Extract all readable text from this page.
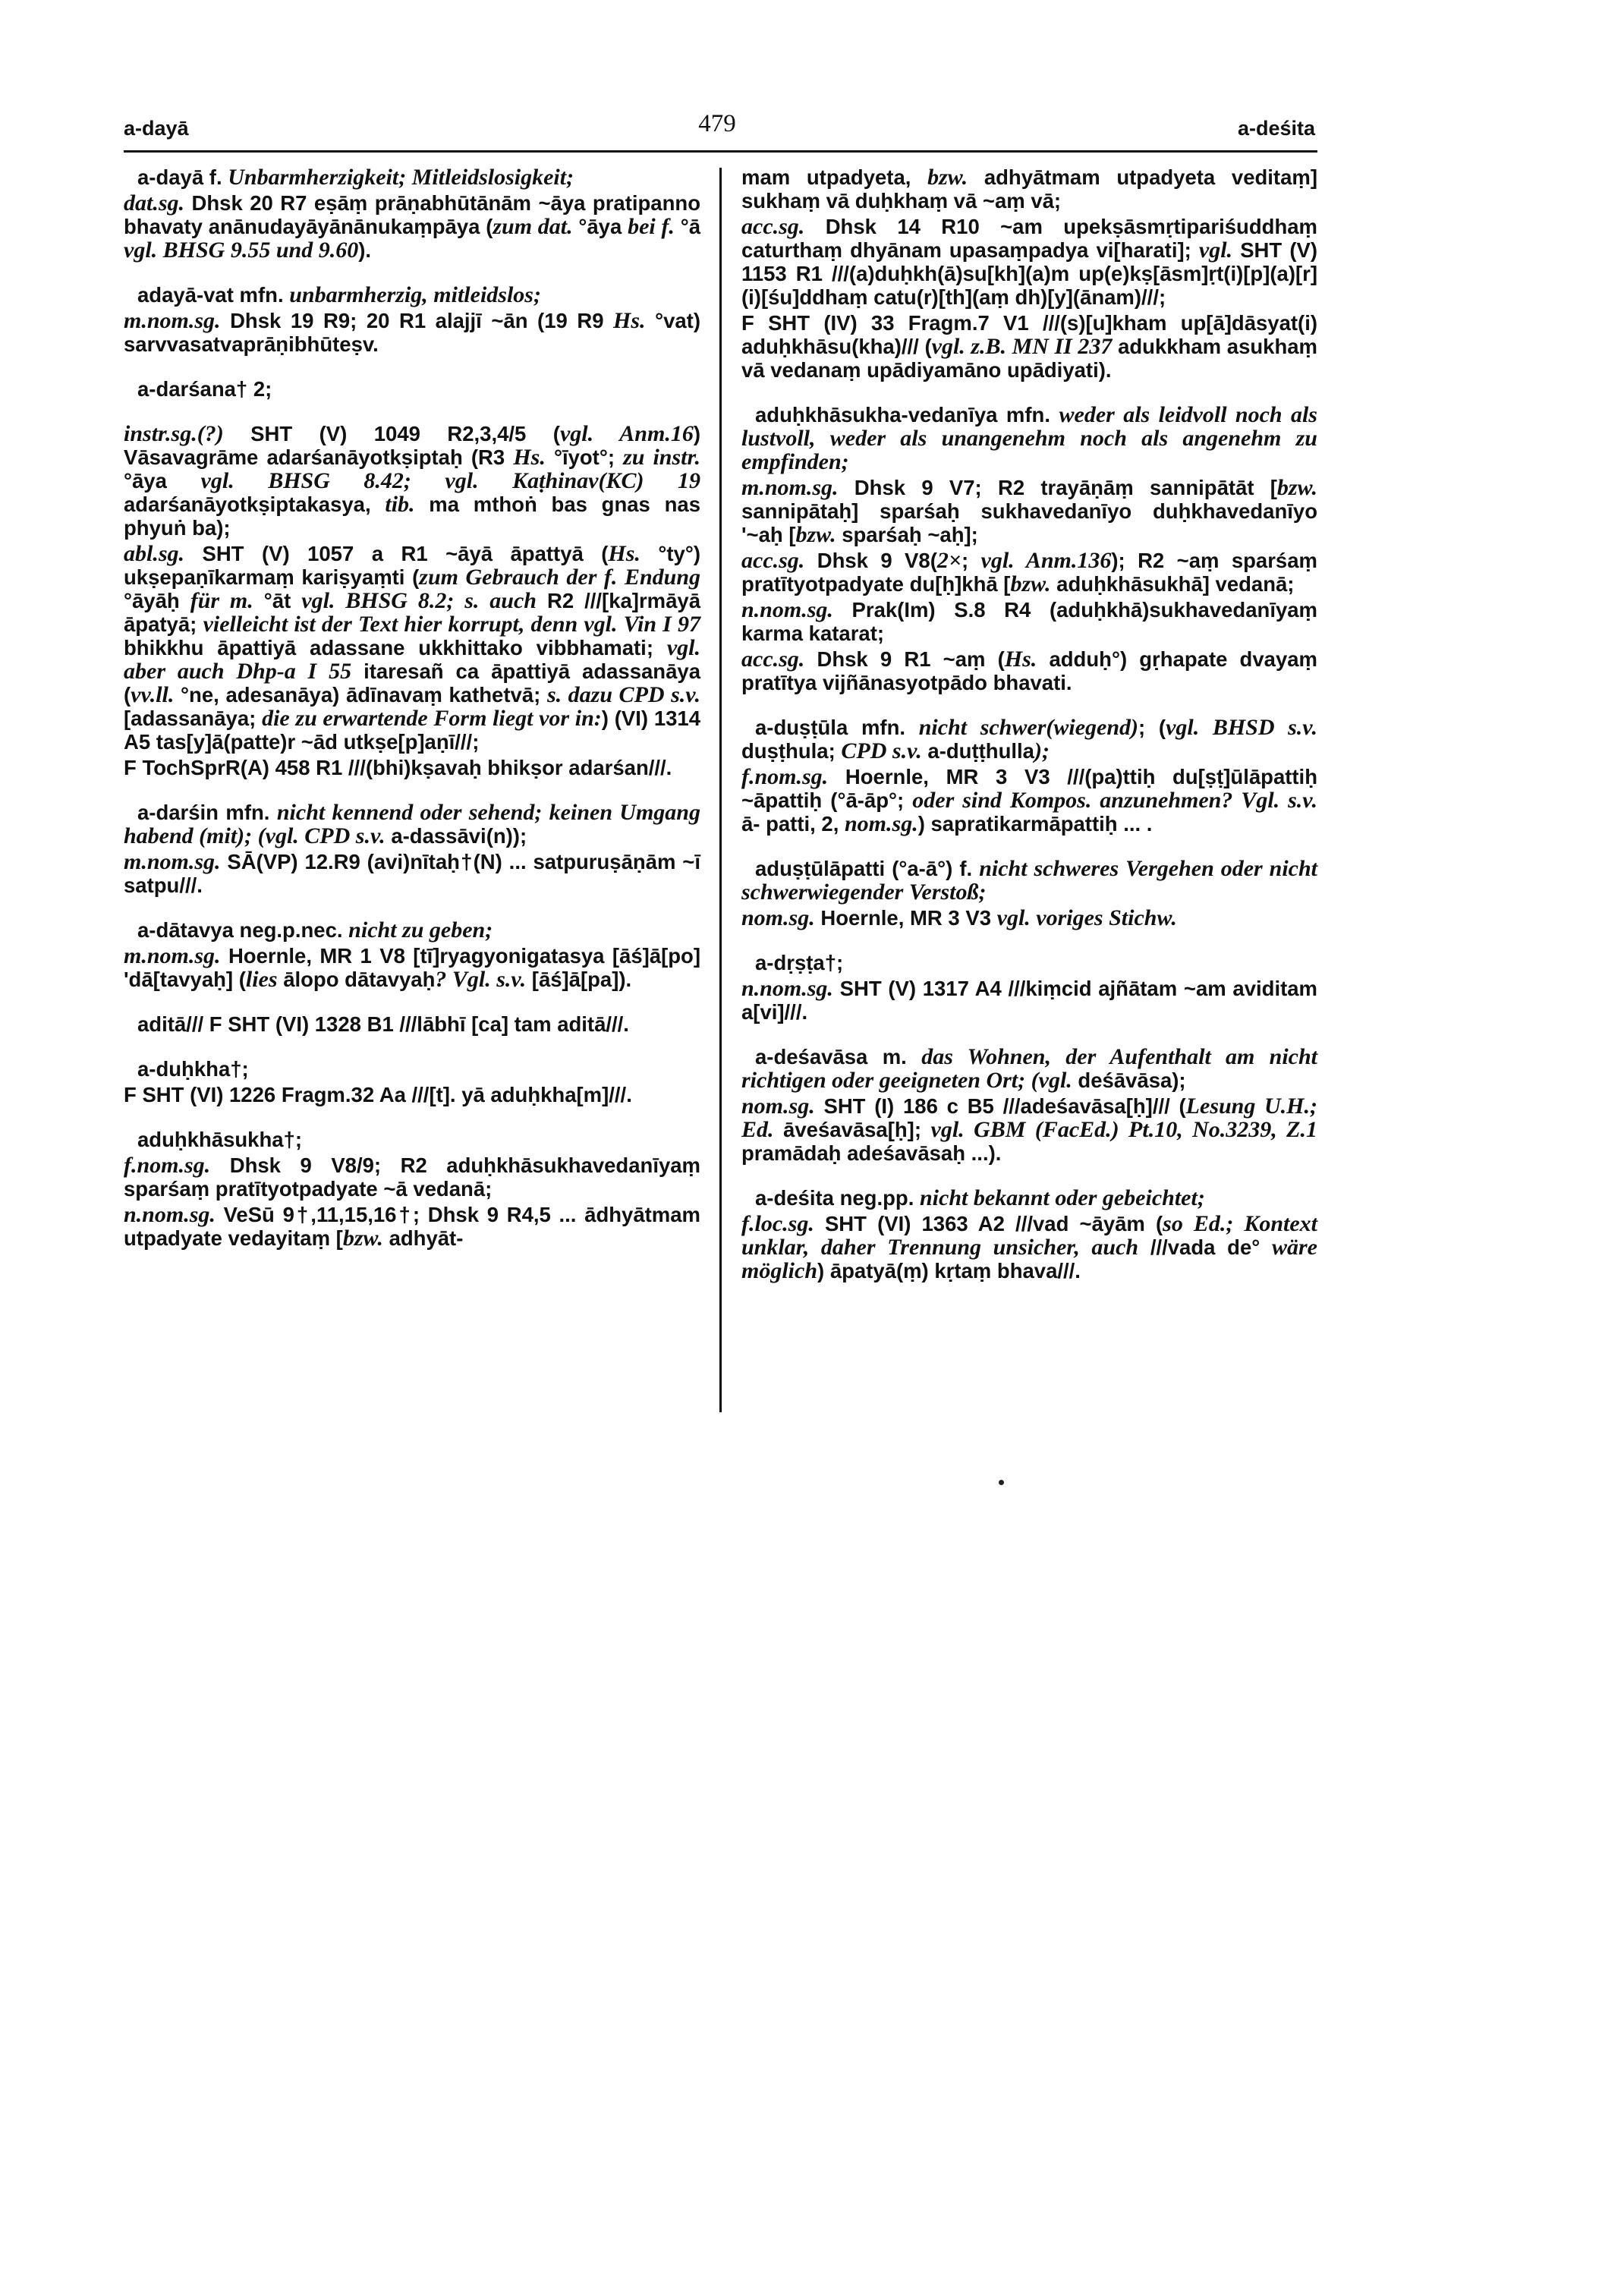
a-dayā	479	a-deśita

a-dayā f. Unbarmherzigkeit; Mitleidslosigkeit;

dat.sg. Dhsk 20 R7 eṣāṃ prāṇabhūtānām ~āya pratipanno bhavaty anānudayāyānānukaṃpāya (zum dat. °āya bei f. °ā vgl. BHSG 9.55 und 9.60).

adayā-vat mfn. unbarmherzig, mitleidslos;

m.nom.sg. Dhsk 19 R9; 20 R1 alajjī ~ān (19 R9 Hs. °vat) sarvvasatvaprāṇibhūteṣv.

a-darśana† 2;

instr.sg.(?) SHT (V) 1049 R2,3,4/5 (vgl. Anm.16) Vāsavagrāme adarśanāyotkṣiptaḥ (R3 Hs. °īyot°; zu instr. °āya vgl. BHSG 8.42; vgl. Kaṭhinav(KC) 19 adarśanāyotkṣiptakasya, tib. ma mthoṅ bas gnas nas phyuṅ ba);

abl.sg. SHT (V) 1057 a R1 ~āyā āpattyā (Hs. °ty°) ukṣepaṇīkarmaṃ kariṣyaṃti (zum Gebrauch der f. Endung °āyāḥ für m. °āt vgl. BHSG 8.2; s. auch R2 ///[ka]rmāyā āpatyā; vielleicht ist der Text hier korrupt, denn vgl. Vin I 97 bhikkhu āpattiyā adassane ukkhittako vibbhamati; vgl. aber auch Dhp-a I 55 itaresañ ca āpattiyā adassanāya (vv.ll. °ne, adesanāya) ādīnavaṃ kathetvā; s. dazu CPD s.v. [adassanāya; die zu erwartende Form liegt vor in:) (VI) 1314 A5 tas[y]ā(patte)r ~ād utkṣe[p]aṇī///;

F TochSprR(A) 458 R1 ///(bhi)kṣavaḥ bhikṣor adarśan///.

a-darśin mfn. nicht kennend oder sehend; keinen Umgang habend (mit); (vgl. CPD s.v. a-dassāvi(n));

m.nom.sg. SĀ(VP) 12.R9 (avi)nītaḥ†(N) ... satpuruṣāṇām ~ī satpu///.

a-dātavya neg.p.nec. nicht zu geben;

m.nom.sg. Hoernle, MR 1 V8 [tī]ryagyonigatasya [āś]ā[po] 'dā[tavyaḥ] (lies ālopo dātavyaḥ? Vgl. s.v. [āś]ā[pa]).

aditā/// F SHT (VI) 1328 B1 ///lābhī [ca] tam aditā///.

a-duḥkha†;

F SHT (VI) 1226 Fragm.32 Aa ///[t]. yā aduḥkha[m]///.

aduḥkhāsukha†;

f.nom.sg. Dhsk 9 V8/9; R2 aduḥkhāsukhavedanīyaṃ sparśaṃ pratītyotpadyate ~ā vedanā;

n.nom.sg. VeSū 9†,11,15,16†; Dhsk 9 R4,5 ... ādhyātmam utpadyate vedayitaṃ [bzw. adhyāt-

mam utpadyeta, bzw. adhyātmam utpadyeta veditaṃ] sukhaṃ vā duḥkhaṃ vā ~aṃ vā;

acc.sg. Dhsk 14 R10 ~am upekṣāsmṛtipariśuddhaṃ caturthaṃ dhyānam upasaṃpadya vi[harati]; vgl. SHT (V) 1153 R1 ///(a)duḥkh(ā)su[kh](a)m up(e)kṣ[āsm]ṛt(i)[p](a)[r](i)[śu]ddhaṃ catu(r)[th](aṃ dh)[y](ānam)///;

F SHT (IV) 33 Fragm.7 V1 ///(s)[u]kham up[ā]dāsyat(i) aduḥkhāsu(kha)/// (vgl. z.B. MN II 237 adukkham asukhaṃ vā vedanaṃ upādiyamāno upādiyati).

aduḥkhāsukha-vedanīya mfn. weder als leidvoll noch als lustvoll, weder als unangenehm noch als angenehm zu empfinden;

m.nom.sg. Dhsk 9 V7; R2 trayāṇāṃ sannipātāt [bzw. sannipātaḥ] sparśaḥ sukhavedanīyo duḥkhavedanīyo '~aḥ [bzw. sparśaḥ ~aḥ];

acc.sg. Dhsk 9 V8(2×; vgl. Anm.136); R2 ~aṃ sparśaṃ pratītyotpadyate du[ḥ]khā [bzw. aduḥkhāsukhā] vedanā;

n.nom.sg. Prak(Im) S.8 R4 (aduḥkhā)sukhavedanīyaṃ karma katarat;

acc.sg. Dhsk 9 R1 ~aṃ (Hs. adduḥ°) gṛhapate dvayaṃ pratītya vijñānasyotpādo bhavati.

a-duṣṭūla mfn. nicht schwer(wiegend); (vgl. BHSD s.v. duṣṭhula; CPD s.v. a-duṭṭhulla);

f.nom.sg. Hoernle, MR 3 V3 ///(pa)ttiḥ du[ṣṭ]ūlāpattiḥ ~āpattiḥ (°ā-āp°; oder sind Kompos. anzunehmen? Vgl. s.v. ā- patti, 2, nom.sg.) sapratikarmāpattiḥ ... .

aduṣṭūlāpatti (°a-ā°) f. nicht schweres Vergehen oder nicht schwerwiegender Verstoß;

nom.sg. Hoernle, MR 3 V3 vgl. voriges Stichw.

a-dṛṣṭa†;

n.nom.sg. SHT (V) 1317 A4 ///kiṃcid ajñātam ~am aviditam a[vi]///.

a-deśavāsa m. das Wohnen, der Aufenthalt am nicht richtigen oder geeigneten Ort; (vgl. deśāvāsa);

nom.sg. SHT (I) 186 c B5 ///adeśavāsa[ḥ]/// (Lesung U.H.; Ed. āveśavāsa[ḥ]; vgl. GBM (FacEd.) Pt.10, No.3239, Z.1 pramādaḥ adeśavāsaḥ ...).

a-deśita neg.pp. nicht bekannt oder gebeichtet;

f.loc.sg. SHT (VI) 1363 A2 ///vad ~āyām (so Ed.; Kontext unklar, daher Trennung unsicher, auch ///vada de° wäre möglich) āpatyā(ṃ) kṛtaṃ bhava///.
